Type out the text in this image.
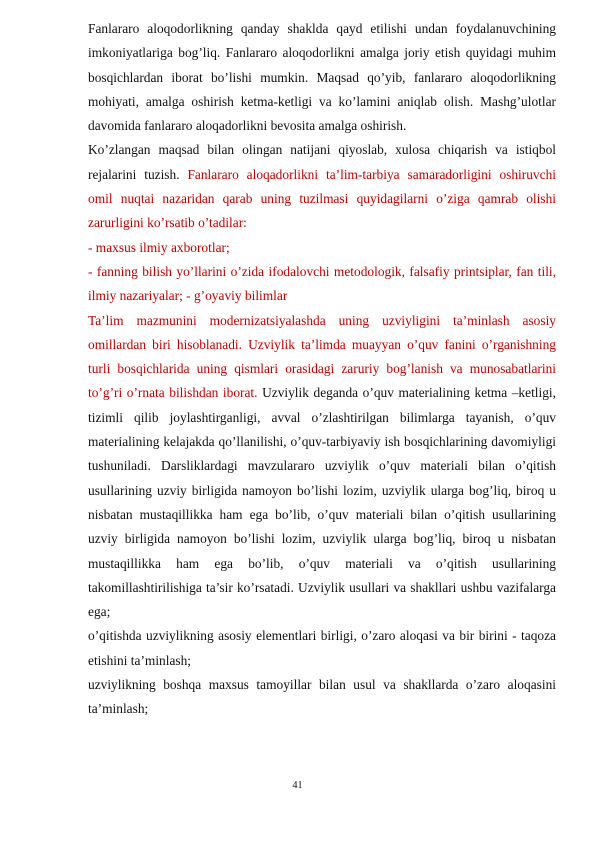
Fanlararo aloqodorlikning qanday shaklda qayd etilishi undan foydalanuvchining imkoniyatlariga bog’liq. Fanlararo aloqodorlikni amalga joriy etish quyidagi muhim bosqichlardan iborat bo’lishi mumkin. Maqsad qo’yib, fanlararo aloqodorlikning mohiyati, amalga oshirish ketma-ketligi va ko’lamini aniqlab olish. Mashg’ulotlar davomida fanlararo aloqadorlikni bevosita amalga oshirish.

Ko’zlangan maqsad bilan olingan natijani qiyoslab, xulosa chiqarish va istiqbol rejalarini tuzish. Fanlararo aloqadorlikni ta’lim-tarbiya samaradorligini oshiruvchi omil nuqtai nazaridan qarab uning tuzilmasi quyidagilarni o’ziga qamrab olishi zarurligini ko’rsatib o’tadilar:

- maxsus ilmiy axborotlar;

- fanning bilish yo’llarini o’zida ifodalovchi metodologik, falsafiy printsiplar, fan tili, ilmiy nazariyalar; - g’oyaviy bilimlar

Ta’lim mazmunini modernizatsiyalashda uning uzviyligini ta’minlash asosiy omillardan biri hisoblanadi. Uzviylik ta’limda muayyan o’quv fanini o’rganishning turli bosqichlarida uning qismlari orasidagi zaruriy bog’lanish va munosabatlarini to’g’ri o’rnata bilishdan iborat. Uzviylik deganda o’quv materialining ketma –ketligi, tizimli qilib joylashtirganligi, avval o’zlashtirilgan bilimlarga tayanish, o’quv materialining kelajakda qo’llanilishi, o’quv-tarbiyaviy ish bosqichlarining davomiyligi tushuniladi. Darsliklardagi mavzulararo uzviylik o’quv materiali bilan o’qitish usullarining uzviy birligida namoyon bo’lishi lozim, uzviylik ularga bog’liq, biroq u nisbatan mustaqillikka ham ega bo’lib, o’quv materiali bilan o’qitish usullarining uzviy birligida namoyon bo’lishi lozim, uzviylik ularga bog’liq, biroq u nisbatan mustaqillikka ham ega bo’lib, o’quv materiali va o’qitish usullarining takomillashtirilishiga ta’sir ko’rsatadi. Uzviylik usullari va shakllari ushbu vazifalarga ega;

o’qitishda uzviylikning asosiy elementlari birligi, o’zaro aloqasi va bir birini - taqoza etishini ta’minlash;

uzviylikning boshqa maxsus tamoyillar bilan usul va shakllarda o’zaro aloqasini ta’minlash;

41
